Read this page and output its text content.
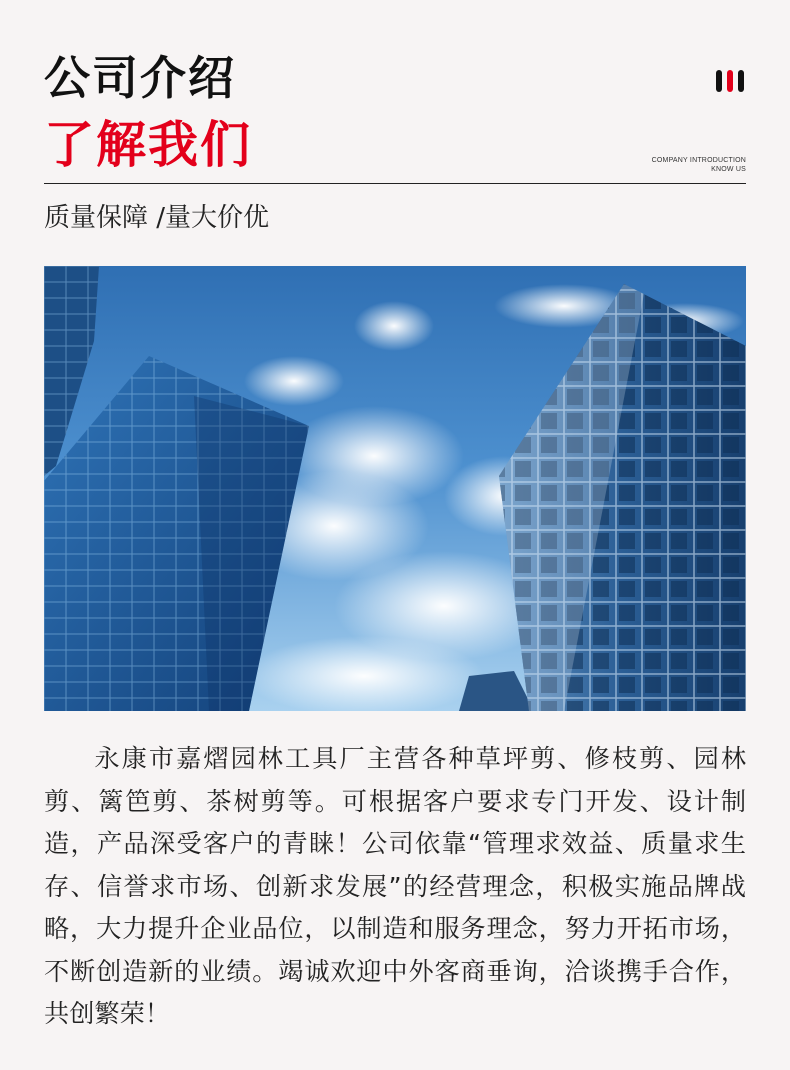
公司介绍
了解我们	COMPANY INTRODUCTION
KNOW US
质量保障 /量大价优

永康市嘉熠园林工具厂主营各种草坪剪、修枝剪、园林剪、篱笆剪、茶树剪等。可根据客户要求专门开发、设计制造，产品深受客户的青睐！公司依靠“管理求效益、质量求生存、信誉求市场、创新求发展”的经营理念，积极实施品牌战略，大力提升企业品位，以制造和服务理念，努力开拓市场，不断创造新的业绩。竭诚欢迎中外客商垂询，洽谈携手合作，共创繁荣！
